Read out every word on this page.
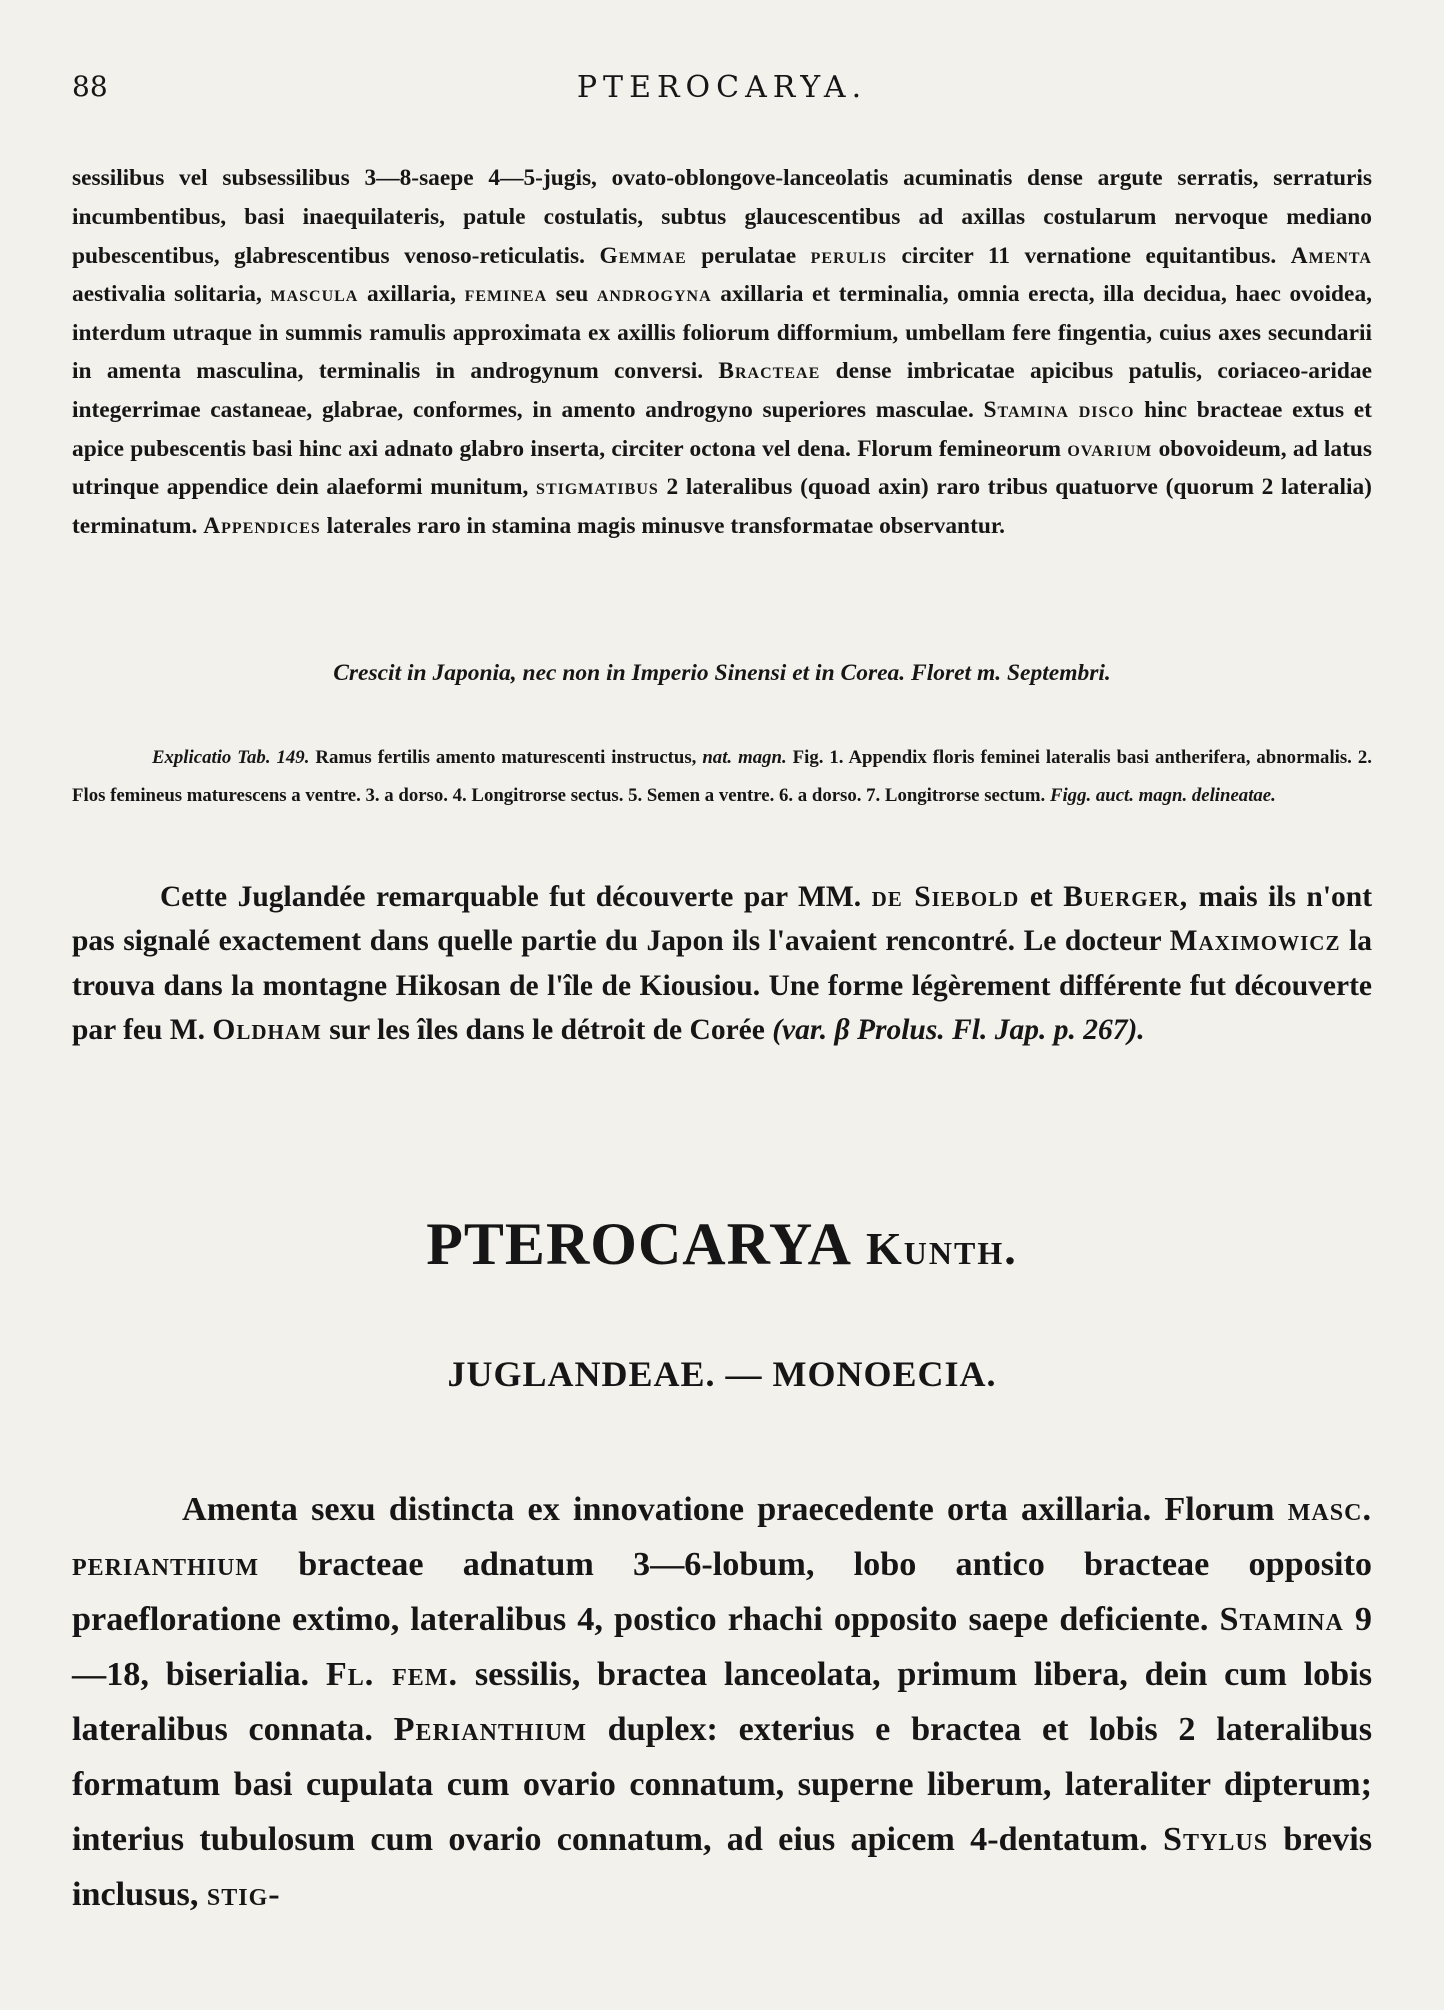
88	PTEROCARYA.

sessilibus vel subsessilibus 3—8-saepe 4—5-jugis, ovato-oblongove-lanceolatis acuminatis dense argute serratis, serraturis incumbentibus, basi inaequilateris, patule costulatis, subtus glaucescentibus ad axillas costularum nervoque mediano pubescentibus, glabrescentibus venoso-reticulatis. Gemmae perulatae perulis circiter 11 vernatione equitantibus. Amenta aestivalia solitaria, mascula axillaria, feminea seu androgyna axillaria et terminalia, omnia erecta, illa decidua, haec ovoidea, interdum utraque in summis ramulis approximata ex axillis foliorum difformium, umbellam fere fingentia, cuius axes secundarii in amenta masculina, terminalis in androgynum conversi. Bracteae dense imbricatae apicibus patulis, coriaceo-aridae integerrimae castaneae, glabrae, conformes, in amento androgyno superiores masculae. Stamina disco hinc bracteae extus et apice pubescentis basi hinc axi adnato glabro inserta, circiter octona vel dena. Florum femineorum ovarium obovoideum, ad latus utrinque appendice dein alaeformi munitum, stigmatibus 2 lateralibus (quoad axin) raro tribus quatuorve (quorum 2 lateralia) terminatum. Appendices laterales raro in stamina magis minusve transformatae observantur.

Crescit in Japonia, nec non in Imperio Sinensi et in Corea. Floret m. Septembri.

Explicatio Tab. 149. Ramus fertilis amento maturescenti instructus, nat. magn. Fig. 1. Appendix floris feminei lateralis basi antherifera, abnormalis. 2. Flos femineus maturescens a ventre. 3. a dorso. 4. Longitrorse sectus. 5. Semen a ventre. 6. a dorso. 7. Longitrorse sectum. Figg. auct. magn. delineatae.

Cette Juglandée remarquable fut découverte par MM. de Siebold et Buerger, mais ils n'ont pas signalé exactement dans quelle partie du Japon ils l'avaient rencontré. Le docteur Maximowicz la trouva dans la montagne Hikosan de l'île de Kiousiou. Une forme légèrement différente fut découverte par feu M. Oldham sur les îles dans le détroit de Corée (var. β Prolus. Fl. Jap. p. 267).

PTEROCARYA Kunth.
JUGLANDEAE. — MONOECIA.

Amenta sexu distincta ex innovatione praecedente orta axillaria. Florum masc. perianthium bracteae adnatum 3—6-lobum, lobo antico bracteae opposito praefloratione extimo, lateralibus 4, postico rhachi opposito saepe deficiente. Stamina 9—18, biserialia. Fl. fem. sessilis, bractea lanceolata, primum libera, dein cum lobis lateralibus connata. Perianthium duplex: exterius e bractea et lobis 2 lateralibus formatum basi cupulata cum ovario connatum, superne liberum, lateraliter dipterum; interius tubulosum cum ovario connatum, ad eius apicem 4-dentatum. Stylus brevis inclusus, stig-
